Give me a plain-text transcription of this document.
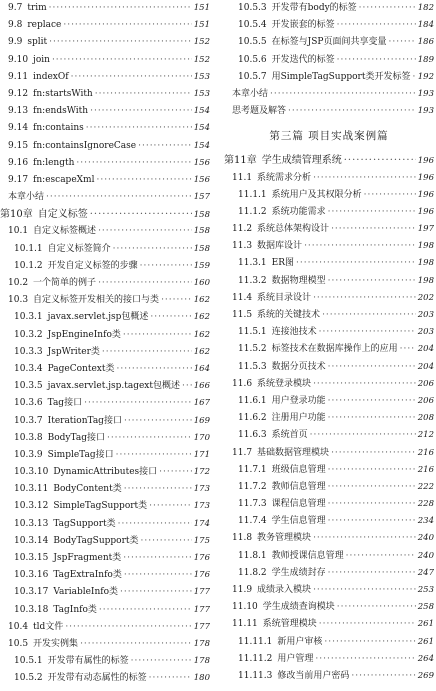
9.7 trim ·····	151
9.8 replace ·····	151
9.9 split ·····	152
9.10 join ·····	152
9.11 indexOf ·····	153
9.12 fn:startsWith ·····	153
9.13 fn:endsWith ·····	154
9.14 fn:contains ·····	154
9.15 fn:containsIgnoreCase ·····	154
9.16 fn:length ·····	156
9.17 fn:escapeXml ·····	156
本章小结 ·····	157
第10章 自定义标签 ·····	158
10.1 自定义标签概述 ·····	158
10.1.1 自定义标签简介 ·····	158
10.1.2 开发自定义标签的步骤 ·····	159
10.2 一个简单的例子 ·····	160
10.3 自定义标签开发相关的接口与类 ·····	162
10.3.1 javax.servlet.jsp包概述 ·····	162
10.3.2 JspEngineInfo类 ·····	162
10.3.3 JspWriter类 ·····	162
10.3.4 PageContext类 ·····	164
10.3.5 javax.servlet.jsp.tagext包概述 ····· 166
10.3.6 Tag接口 ·····	167
10.3.7 IterationTag接口 ·····	169
10.3.8 BodyTag接口 ·····	170
10.3.9 SimpleTag接口 ·····	171
10.3.10 DynamicAttributes接口 ·····	172
10.3.11 BodyContent类 ·····	173
10.3.12 SimpleTagSupport类 ·····	173
10.3.13 TagSupport类 ·····	174
10.3.14 BodyTagSupport类 ·····	175
10.3.15 JspFragment类 ·····	176
10.3.16 TagExtraInfo类 ·····	176
10.3.17 VariableInfo类 ·····	177
10.3.18 TagInfo类 ·····	177
10.4 tld文件 ·····	177
10.5 开发实例集 ·····	178
10.5.1 开发带有属性的标签 ·····	178
10.5.2 开发带有动态属性的标签 ·····	180
10.5.3 开发带有body的标签 ·····	182
10.5.4 开发嵌套的标签 ·····	184
10.5.5 在标签与JSP页面间共享变量 ·····	186
10.5.6 开发迭代的标签 ·····	189
10.5.7 用SimpleTagSupport类开发标签 ····· 192
本章小结 ·····	193
思考题及解答 ·····	193
第三篇 项目实战案例篇
第11章 学生成绩管理系统 ·····	196
11.1 系统需求分析 ·····	196
11.1.1 系统用户及其权限分析 ·····	196
11.1.2 系统功能需求 ·····	196
11.2 系统总体架构设计 ·····	197
11.3 数据库设计 ·····	198
11.3.1 ER图 ·····	198
11.3.2 数据物理模型 ·····	198
11.4 系统目录设计 ·····	202
11.5 系统的关键技术 ·····	203
11.5.1 连接池技术 ·····	203
11.5.2 标签技术在数据库操作上的应用 ····· 204
11.5.3 数据分页技术 ·····	204
11.6 系统登录模块 ·····	206
11.6.1 用户登录功能 ·····	206
11.6.2 注册用户功能 ·····	208
11.6.3 系统首页 ·····	212
11.7 基础数据管理模块 ·····	216
11.7.1 班级信息管理 ·····	216
11.7.2 教师信息管理 ·····	222
11.7.3 课程信息管理 ·····	228
11.7.4 学生信息管理 ·····	234
11.8 教务管理模块 ·····	240
11.8.1 教师授课信息管理 ·····	240
11.8.2 学生成绩封存 ·····	247
11.9 成绩录入模块 ·····	253
11.10 学生成绩查询模块 ·····	258
11.11 系统管理模块 ·····	261
11.11.1 新用户审核 ·····	261
11.11.2 用户管理 ·····	264
11.11.3 修改当前用户密码 ·····	269
